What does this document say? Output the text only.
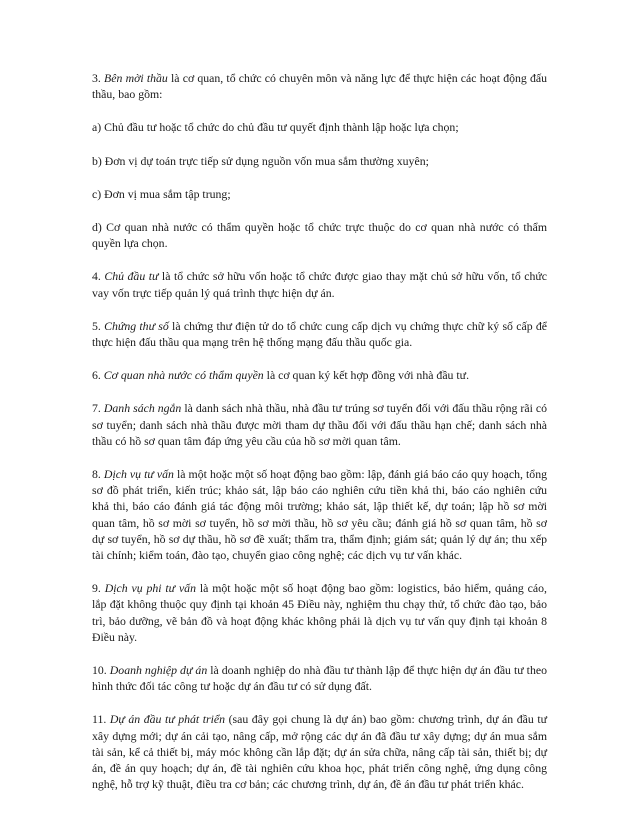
3. Bên mời thầu là cơ quan, tổ chức có chuyên môn và năng lực để thực hiện các hoạt động đấu thầu, bao gồm:

a) Chủ đầu tư hoặc tổ chức do chủ đầu tư quyết định thành lập hoặc lựa chọn;

b) Đơn vị dự toán trực tiếp sử dụng nguồn vốn mua sắm thường xuyên;

c) Đơn vị mua sắm tập trung;

d) Cơ quan nhà nước có thẩm quyền hoặc tổ chức trực thuộc do cơ quan nhà nước có thẩm quyền lựa chọn.

4. Chủ đầu tư là tổ chức sở hữu vốn hoặc tổ chức được giao thay mặt chủ sở hữu vốn, tổ chức vay vốn trực tiếp quản lý quá trình thực hiện dự án.

5. Chứng thư số là chứng thư điện tử do tổ chức cung cấp dịch vụ chứng thực chữ ký số cấp để thực hiện đấu thầu qua mạng trên hệ thống mạng đấu thầu quốc gia.

6. Cơ quan nhà nước có thẩm quyền là cơ quan ký kết hợp đồng với nhà đầu tư.

7. Danh sách ngắn là danh sách nhà thầu, nhà đầu tư trúng sơ tuyển đối với đấu thầu rộng rãi có sơ tuyển; danh sách nhà thầu được mời tham dự thầu đối với đấu thầu hạn chế; danh sách nhà thầu có hồ sơ quan tâm đáp ứng yêu cầu của hồ sơ mời quan tâm.

8. Dịch vụ tư vấn là một hoặc một số hoạt động bao gồm: lập, đánh giá báo cáo quy hoạch, tổng sơ đồ phát triển, kiến trúc; khảo sát, lập báo cáo nghiên cứu tiền khả thi, báo cáo nghiên cứu khả thi, báo cáo đánh giá tác động môi trường; khảo sát, lập thiết kế, dự toán; lập hồ sơ mời quan tâm, hồ sơ mời sơ tuyển, hồ sơ mời thầu, hồ sơ yêu cầu; đánh giá hồ sơ quan tâm, hồ sơ dự sơ tuyển, hồ sơ dự thầu, hồ sơ đề xuất; thẩm tra, thẩm định; giám sát; quản lý dự án; thu xếp tài chính; kiểm toán, đào tạo, chuyển giao công nghệ; các dịch vụ tư vấn khác.

9. Dịch vụ phi tư vấn là một hoặc một số hoạt động bao gồm: logistics, bảo hiểm, quảng cáo, lắp đặt không thuộc quy định tại khoản 45 Điều này, nghiệm thu chạy thử, tổ chức đào tạo, bảo trì, bảo dưỡng, vẽ bản đồ và hoạt động khác không phải là dịch vụ tư vấn quy định tại khoản 8 Điều này.

10. Doanh nghiệp dự án là doanh nghiệp do nhà đầu tư thành lập để thực hiện dự án đầu tư theo hình thức đối tác công tư hoặc dự án đầu tư có sử dụng đất.

11. Dự án đầu tư phát triển (sau đây gọi chung là dự án) bao gồm: chương trình, dự án đầu tư xây dựng mới; dự án cải tạo, nâng cấp, mở rộng các dự án đã đầu tư xây dựng; dự án mua sắm tài sản, kể cả thiết bị, máy móc không cần lắp đặt; dự án sửa chữa, nâng cấp tài sản, thiết bị; dự án, đề án quy hoạch; dự án, đề tài nghiên cứu khoa học, phát triển công nghệ, ứng dụng công nghệ, hỗ trợ kỹ thuật, điều tra cơ bản; các chương trình, dự án, đề án đầu tư phát triển khác.
